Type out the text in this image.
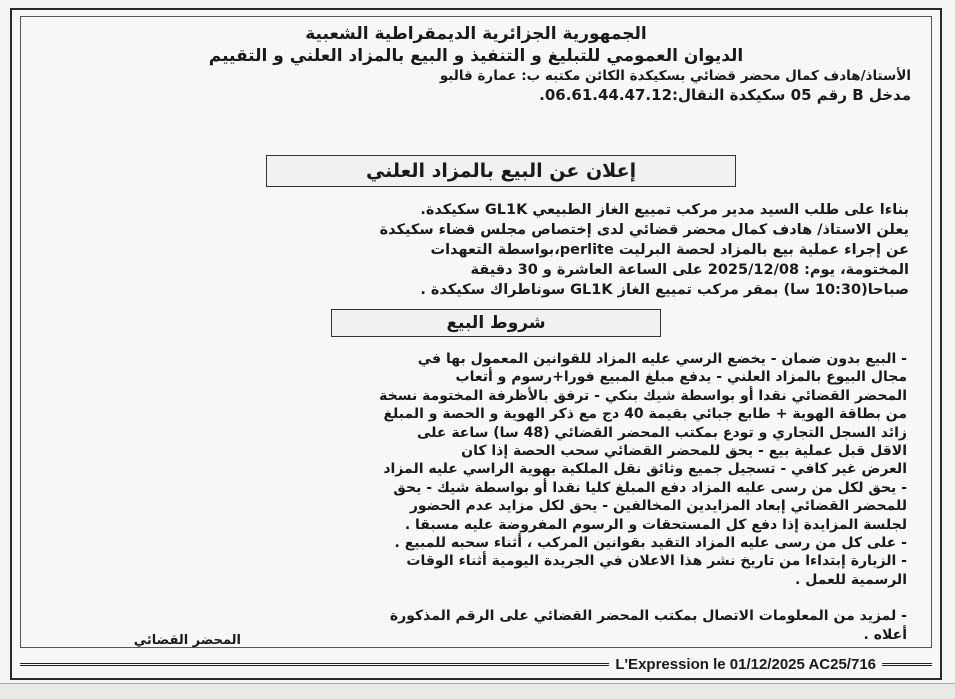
الجمهورية الجزائرية الديمقراطية الشعبية
الديوان العمومي للتبليغ و التنفيذ و البيع بالمزاد العلني و التقييم
الأستاذ/هادف كمال محضر قضائي بسكيكدة الكائن مكتبه ب: عمارة قالبو
مدخل B رقم 05 سكيكدة النقال:06.61.44.47.12.
إعلان عن البيع بالمزاد العلني

بناءا على طلب السيد مدير مركب تمييع الغاز الطبيعي GL1K سكيكدة.

يعلن الاستاذ/ هادف كمال محضر قضائي لدى إختصاص مجلس قضاء سكيكدة

عن إجراء عملية بيع بالمزاد لحصة البرليت perlite،بواسطة التعهدات

المختومة، يوم: 2025/12/08 على الساعة العاشرة و 30 دقيقة

صباحا(10:30 سا) بمقر مركب تمييع الغاز GL1K سوناطراك سكيكدة .

شروط البيع

- البيع بدون ضمان - يخضع الرسي عليه المزاد للقوانين المعمول بها في

مجال البيوع بالمزاد العلني - يدفع مبلغ المبيع فورا+رسوم و أتعاب

المحضر القضائي نقدا أو بواسطة شيك بنكي - ترفق بالأظرفة المختومة نسخة

من بطاقة الهوية + طابع جبائي بقيمة 40 دج مع ذكر الهوية و الحصة و المبلغ

زائد السجل التجاري و تودع بمكتب المحضر القضائي (48 سا) ساعة على

الاقل قبل عملية بيع - يحق للمحضر القضائي سحب الحصة إذا كان

العرض غير كافي - تسجيل جميع وثائق نقل الملكية بهوية الراسي عليه المزاد

- يحق لكل من رسى عليه المزاد دفع المبلغ كليا نقدا أو بواسطة شيك - يحق

للمحضر القضائي إبعاد المزايدين المخالفين - يحق لكل مزايد عدم الحضور

لجلسة المزايدة إذا دفع كل المستحقات و الرسوم المفروضة عليه مسبقا .

- على كل من رسى عليه المزاد التقيد بقوانين المركب ، أثناء سحبه للمبيع .

- الزيارة إبتداءا من تاريخ نشر هذا الاعلان في الجريدة اليومية أثناء الوقات

الرسمية للعمل .

- لمزيد من المعلومات الاتصال بمكتب المحضر القضائي على الرقم المذكورة

أعلاه .

المحضر القضائي
L'Expression le 01/12/2025 AC25/716
